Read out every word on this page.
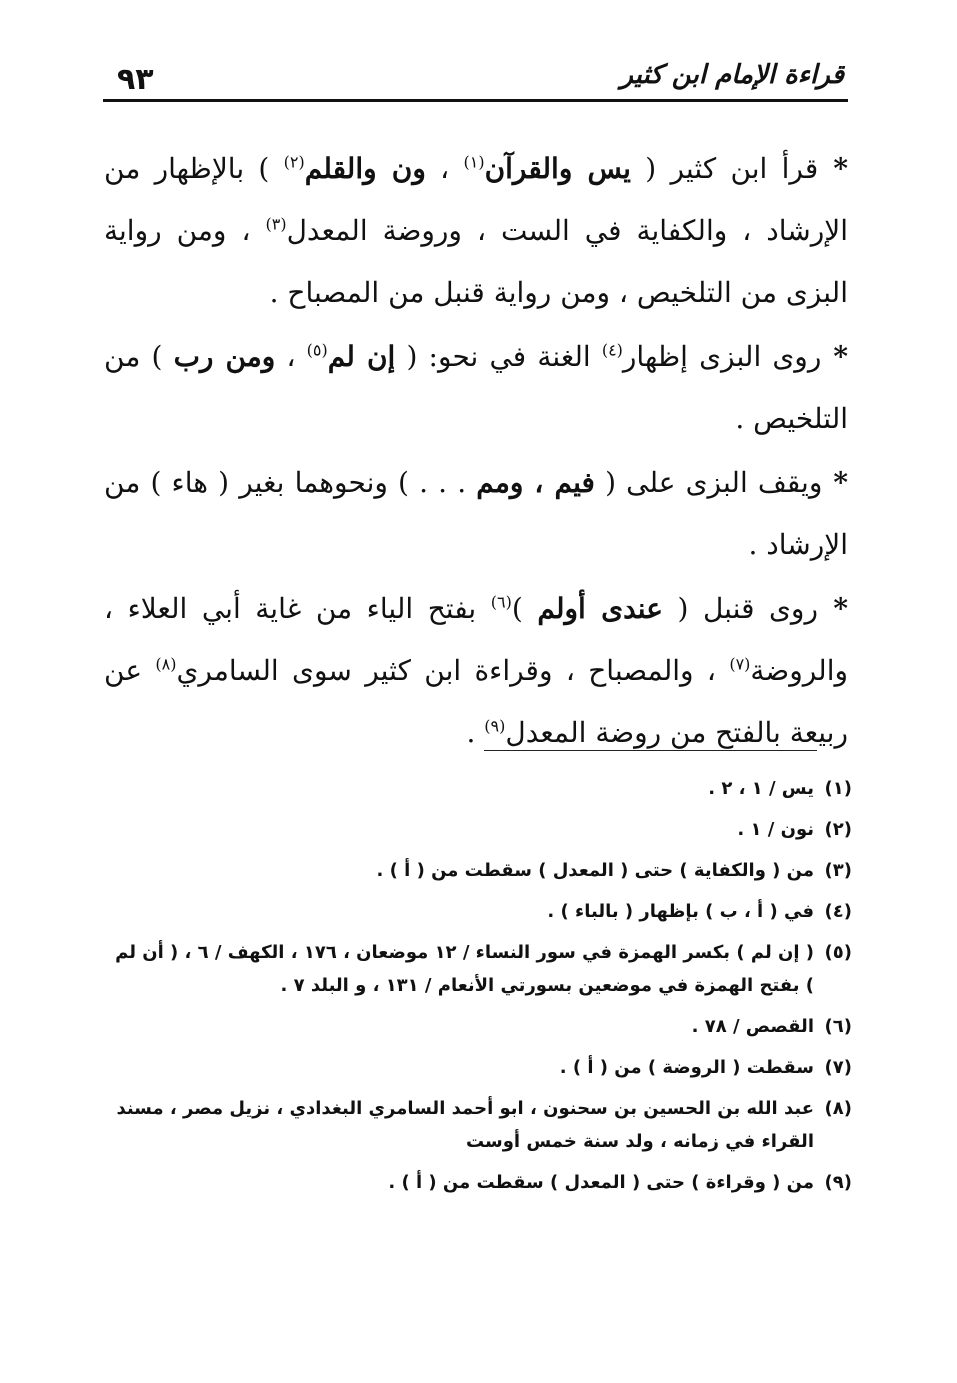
٩٣	قراءة الإمام ابن كثير

* قرأ ابن كثير ( يس والقرآن$^{(١)}$ ، ون والقلم$^{(٢)}$ ) بالإظهار من الإرشاد ، والكفاية في الست ، وروضة المعدل$^{(٣)}$ ، ومن رواية البزى من التلخيص ، ومن رواية قنبل من المصباح .

* روى البزى إظهار$^{(٤)}$ الغنة في نحو: ( إن لم$^{(٥)}$ ، ومن رب ) من التلخيص .

* ويقف البزى على ( فيم ، ومم . . . ) ونحوهما بغير ( هاء ) من الإرشاد .

* روى قنبل ( عندى أولم )$^{(٦)}$ بفتح الياء من غاية أبي العلاء ، والروضة$^{(٧)}$ ، والمصباح ، وقراءة ابن كثير سوى السامري$^{(٨)}$ عن ربيعة بالفتح من روضة المعدل$^{(٩)}$ .

(١)
يس / ١ ، ٢ .
(٢)
نون / ١ .
(٣)
من ( والكفاية ) حتى ( المعدل ) سقطت من ( أ ) .
(٤)
في ( أ ، ب ) بإظهار ( بالباء ) .
(٥)
( إن لم ) بكسر الهمزة في سور النساء / ١٢ موضعان ، ١٧٦ ، الكهف / ٦ ، ( أن لم ) بفتح الهمزة في موضعين بسورتي الأنعام / ١٣١ ، و البلد ٧ .
(٦)
القصص / ٧٨ .
(٧)
سقطت ( الروضة ) من ( أ ) .
(٨)
عبد الله بن الحسين بن سحنون ، ابو أحمد السامري البغدادي ، نزيل مصر ، مسند القراء في زمانه ، ولد سنة خمس أوست
(٩)
من ( وقراءة ) حتى ( المعدل ) سقطت من ( أ ) .
